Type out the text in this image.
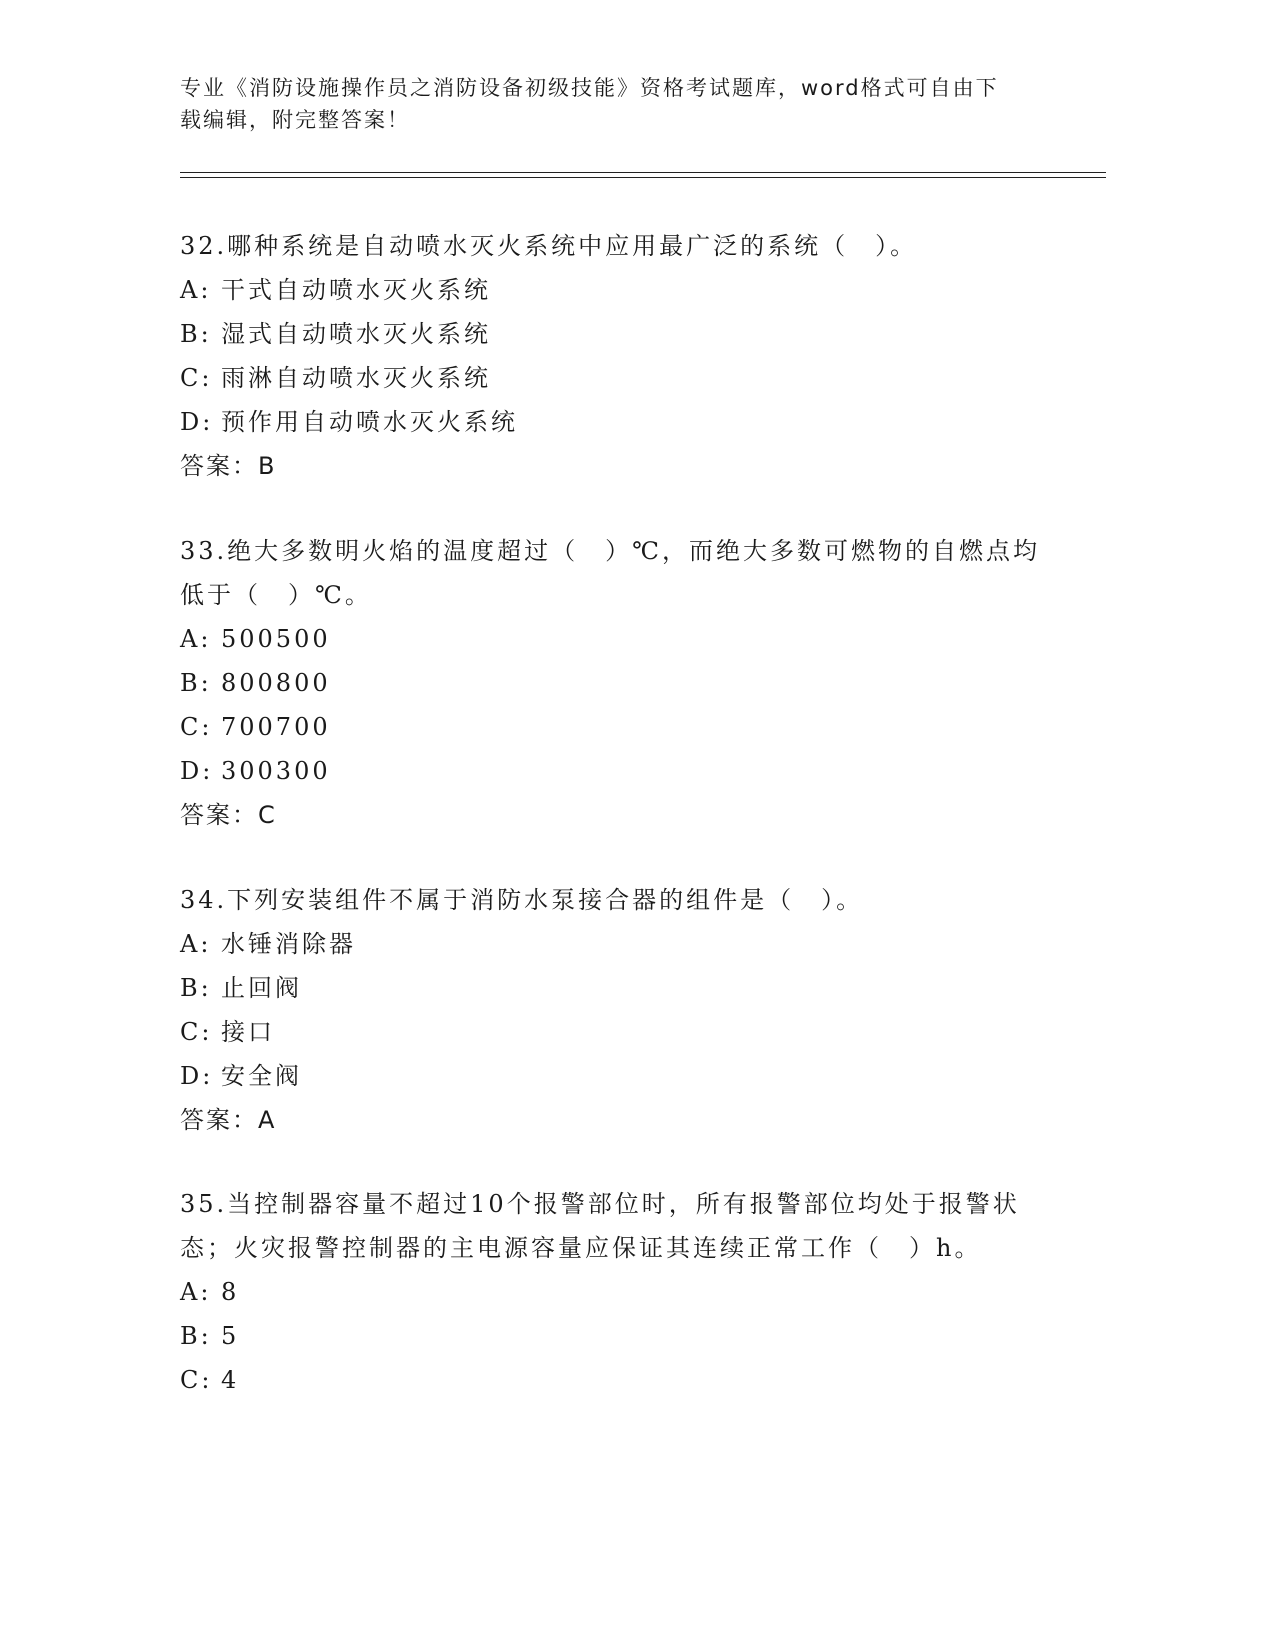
专业《消防设施操作员之消防设备初级技能》资格考试题库，word格式可自由下
载编辑，附完整答案！

32.哪种系统是自动喷水灭火系统中应用最广泛的系统（　）。

A: 干式自动喷水灭火系统

B: 湿式自动喷水灭火系统

C: 雨淋自动喷水灭火系统

D: 预作用自动喷水灭火系统

答案：B

33.绝大多数明火焰的温度超过（　）℃，而绝大多数可燃物的自燃点均低于（　）℃。

A: 500500

B: 800800

C: 700700

D: 300300

答案：C

34.下列安装组件不属于消防水泵接合器的组件是（　）。

A: 水锤消除器

B: 止回阀

C: 接口

D: 安全阀

答案：A

35.当控制器容量不超过10个报警部位时，所有报警部位均处于报警状态；火灾报警控制器的主电源容量应保证其连续正常工作（　）h。

A: 8

B: 5

C: 4
